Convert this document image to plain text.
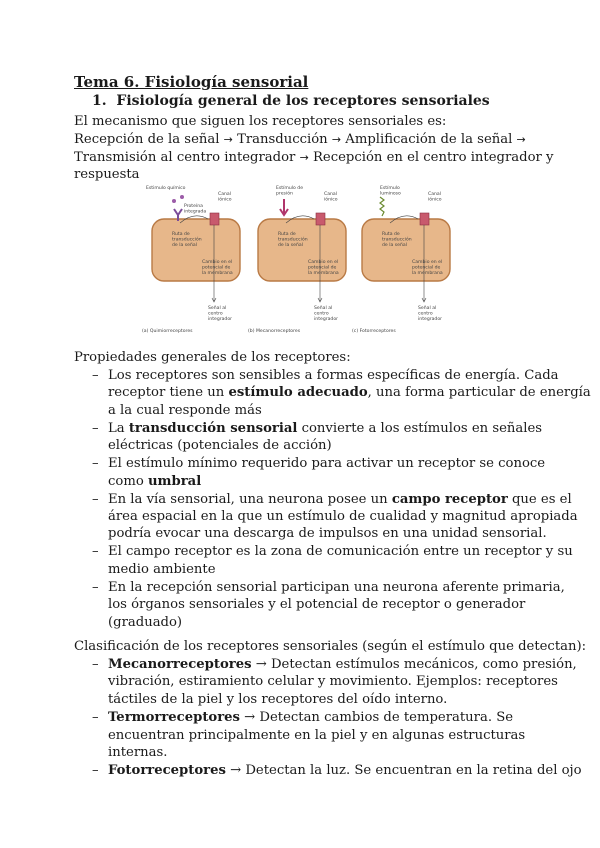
Tema 6. Fisiología sensorial
1. Fisiología general de los receptores sensoriales
El mecanismo que siguen los receptores sensoriales es:
Recepción de la señal → Transducción → Amplificación de la señal →
Transmisión al centro integrador → Recepción en el centro integrador y
respuesta
Canal
iónico
Estimulo químico
Proteína
integrada
Ruta de
transducción
de la señal
Cambio en el
potencial de
la membrana
Señal al
centro
integrador
(a) Quimiorreceptores
Canal
iónico
Estímulo de
presión
Ruta de
transducción
de la señal
Cambio en el
potencial de
la membrana
Señal al
centro
integrador
(b) Mecanorreceptores
Canal
iónico
Estímulo
luminoso
Ruta de
transducción
de la señal
Cambio en el
potencial de
la membrana
Señal al
centro
integrador
(c) Fotorreceptores
Propiedades generales de los receptores:
– Los receptores son sensibles a formas específicas de energía. Cada
receptor tiene un estímulo adecuado, una forma particular de energía
a la cual responde más
– La transducción sensorial convierte a los estímulos en señales
eléctricas (potenciales de acción)
– El estímulo mínimo requerido para activar un receptor se conoce
como umbral
– En la vía sensorial, una neurona posee un campo receptor que es el
área espacial en la que un estímulo de cualidad y magnitud apropiada
podría evocar una descarga de impulsos en una unidad sensorial.
– El campo receptor es la zona de comunicación entre un receptor y su
medio ambiente
– En la recepción sensorial participan una neurona aferente primaria,
los órganos sensoriales y el potencial de receptor o generador
(graduado)
Clasificación de los receptores sensoriales (según el estímulo que detectan):
– Mecanorreceptores → Detectan estímulos mecánicos, como presión,
vibración, estiramiento celular y movimiento. Ejemplos: receptores
táctiles de la piel y los receptores del oído interno.
– Termorreceptores → Detectan cambios de temperatura. Se
encuentran principalmente en la piel y en algunas estructuras
internas.
– Fotorreceptores → Detectan la luz. Se encuentran en la retina del ojo
